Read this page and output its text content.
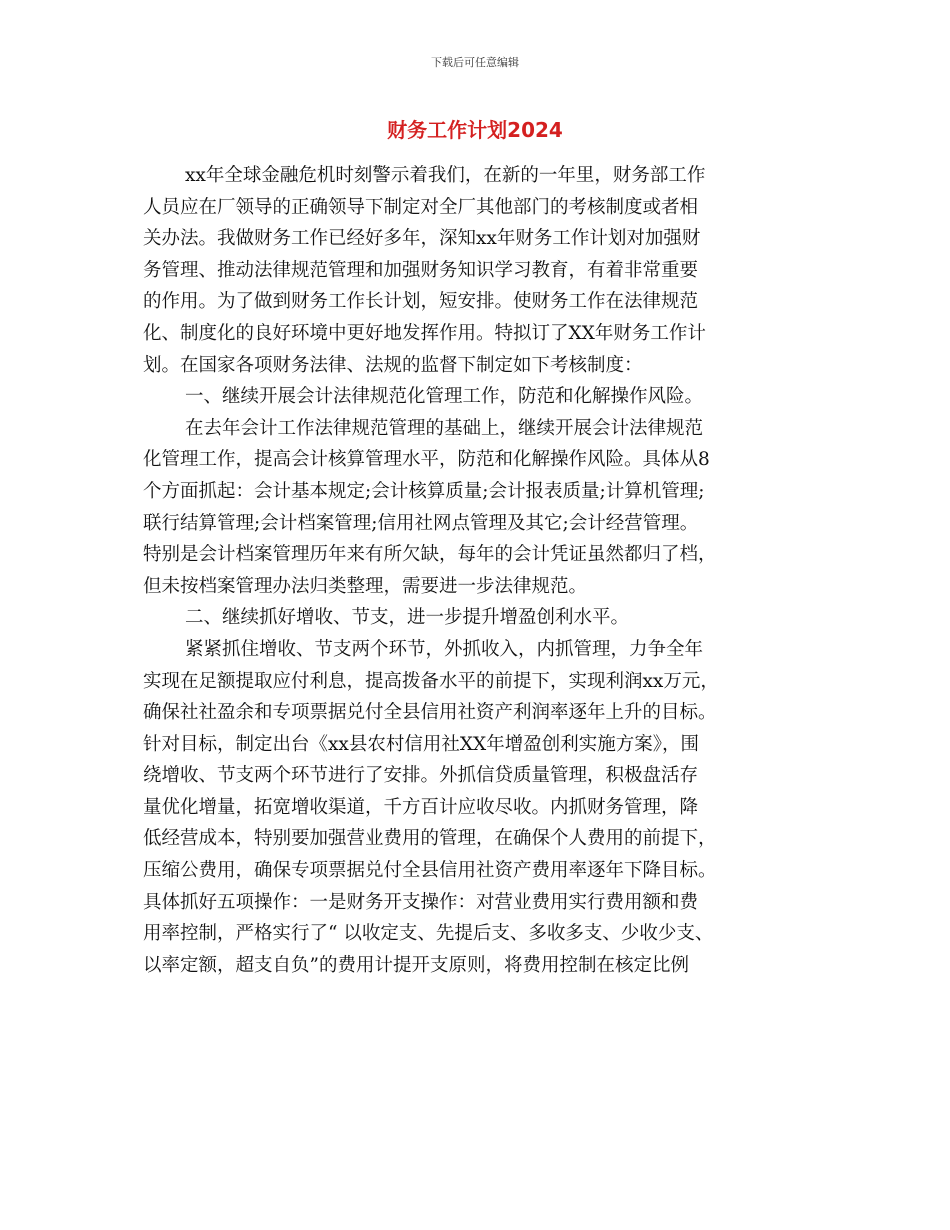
下载后可任意编辑
财务工作计划2024
xx年全球金融危机时刻警示着我们，在新的一年里，财务部工作
人员应在厂领导的正确领导下制定对全厂其他部门的考核制度或者相
关办法。我做财务工作已经好多年，深知xx年财务工作计划对加强财
务管理、推动法律规范管理和加强财务知识学习教育，有着非常重要
的作用。为了做到财务工作长计划，短安排。使财务工作在法律规范
化、制度化的良好环境中更好地发挥作用。特拟订了XX年财务工作计
划。在国家各项财务法律、法规的监督下制定如下考核制度：
一、继续开展会计法律规范化管理工作，防范和化解操作风险。
在去年会计工作法律规范管理的基础上，继续开展会计法律规范
化管理工作，提高会计核算管理水平，防范和化解操作风险。具体从8
个方面抓起：会计基本规定;会计核算质量;会计报表质量;计算机管理;
联行结算管理;会计档案管理;信用社网点管理及其它;会计经营管理。
特别是会计档案管理历年来有所欠缺，每年的会计凭证虽然都归了档，
但未按档案管理办法归类整理，需要进一步法律规范。
二、继续抓好增收、节支，进一步提升增盈创利水平。
紧紧抓住增收、节支两个环节，外抓收入，内抓管理，力争全年
实现在足额提取应付利息，提高拨备水平的前提下，实现利润xx万元，
确保社社盈余和专项票据兑付全县信用社资产利润率逐年上升的目标。
针对目标，制定出台《xx县农村信用社XX年增盈创利实施方案》，围
绕增收、节支两个环节进行了安排。外抓信贷质量管理，积极盘活存
量优化增量，拓宽增收渠道，千方百计应收尽收。内抓财务管理，降
低经营成本，特别要加强营业费用的管理，在确保个人费用的前提下，
压缩公费用，确保专项票据兑付全县信用社资产费用率逐年下降目标。
具体抓好五项操作：一是财务开支操作：对营业费用实行费用额和费
用率控制，严格实行了“ 以收定支、先提后支、多收多支、少收少支、
以率定额，超支自负”的费用计提开支原则，将费用控制在核定比例
